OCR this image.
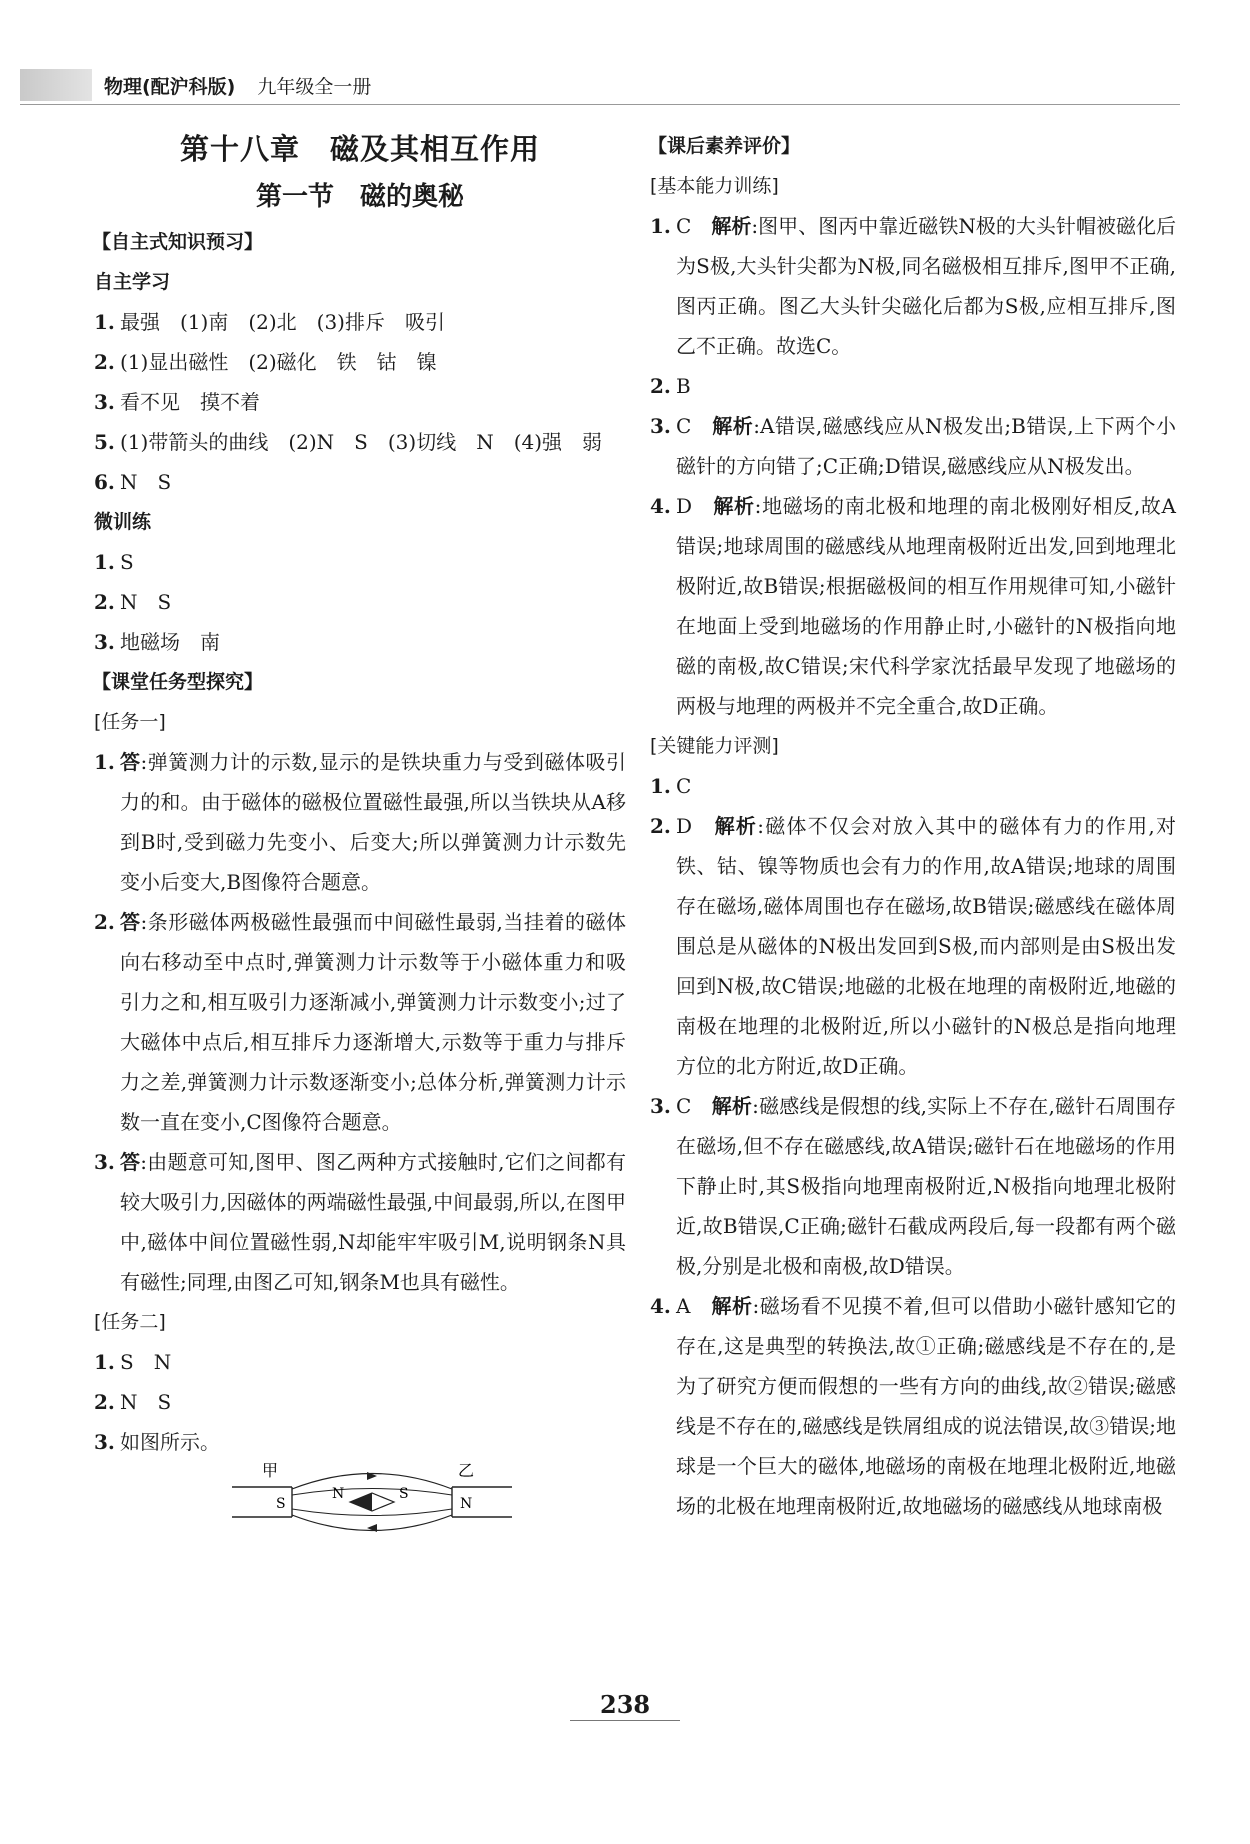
物理(配沪科版) 九年级全一册
第十八章　磁及其相互作用
第一节　磁的奥秘
【自主式知识预习】
自主学习
1. 最强　(1)南　(2)北　(3)排斥　吸引
2. (1)显出磁性　(2)磁化　铁　钴　镍
3. 看不见　摸不着
5. (1)带箭头的曲线　(2)N　S　(3)切线　N　(4)强　弱
6. N　S
微训练
1. S
2. N　S
3. 地磁场　南
【课堂任务型探究】
[任务一]
1. 答:弹簧测力计的示数,显示的是铁块重力与受到磁体吸引力的和。由于磁体的磁极位置磁性最强,所以当铁块从A移到B时,受到磁力先变小、后变大;所以弹簧测力计示数先变小后变大,B图像符合题意。
2. 答:条形磁体两极磁性最强而中间磁性最弱,当挂着的磁体向右移动至中点时,弹簧测力计示数等于小磁体重力和吸引力之和,相互吸引力逐渐减小,弹簧测力计示数变小;过了大磁体中点后,相互排斥力逐渐增大,示数等于重力与排斥力之差,弹簧测力计示数逐渐变小;总体分析,弹簧测力计示数一直在变小,C图像符合题意。
3. 答:由题意可知,图甲、图乙两种方式接触时,它们之间都有较大吸引力,因磁体的两端磁性最强,中间最弱,所以,在图甲中,磁体中间位置磁性弱,N却能牢牢吸引M,说明钢条N具有磁性;同理,由图乙可知,钢条M也具有磁性。
[任务二]
1. S　N
2. N　S
3. 如图所示。
甲	乙
S	N
N	S
【课后素养评价】
[基本能力训练]
1. C　 解析:图甲、图丙中靠近磁铁N极的大头针帽被磁化后为S极,大头针尖都为N极,同名磁极相互排斥,图甲不正确,图丙正确。图乙大头针尖磁化后都为S极,应相互排斥,图乙不正确。故选C。
2. B
3. C　 解析:A错误,磁感线应从N极发出;B错误,上下两个小磁针的方向错了;C正确;D错误,磁感线应从N极发出。
4. D　 解析:地磁场的南北极和地理的南北极刚好相反,故A错误;地球周围的磁感线从地理南极附近出发,回到地理北极附近,故B错误;根据磁极间的相互作用规律可知,小磁针在地面上受到地磁场的作用静止时,小磁针的N极指向地磁的南极,故C错误;宋代科学家沈括最早发现了地磁场的两极与地理的两极并不完全重合,故D正确。
[关键能力评测]
1. C
2. D　 解析:磁体不仅会对放入其中的磁体有力的作用,对铁、钴、镍等物质也会有力的作用,故A错误;地球的周围存在磁场,磁体周围也存在磁场,故B错误;磁感线在磁体周围总是从磁体的N极出发回到S极,而内部则是由S极出发回到N极,故C错误;地磁的北极在地理的南极附近,地磁的南极在地理的北极附近,所以小磁针的N极总是指向地理方位的北方附近,故D正确。
3. C　 解析:磁感线是假想的线,实际上不存在,磁针石周围存在磁场,但不存在磁感线,故A错误;磁针石在地磁场的作用下静止时,其S极指向地理南极附近,N极指向地理北极附近,故B错误,C正确;磁针石截成两段后,每一段都有两个磁极,分别是北极和南极,故D错误。
4. A　 解析:磁场看不见摸不着,但可以借助小磁针感知它的存在,这是典型的转换法,故①正确;磁感线是不存在的,是为了研究方便而假想的一些有方向的曲线,故②错误;磁感线是不存在的,磁感线是铁屑组成的说法错误,故③错误;地球是一个巨大的磁体,地磁场的南极在地理北极附近,地磁场的北极在地理南极附近,故地磁场的磁感线从地球南极
238
